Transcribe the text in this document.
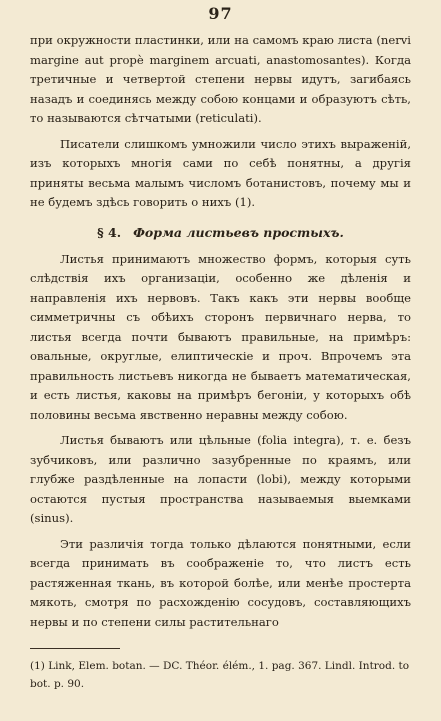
97

при окружности пластинки, или на самомъ краю листа (nervi margine aut propè marginem arcuati, anastomosantes). Когда третичные и четвертой степени нервы идутъ, загибаясь назадъ и соединясь между собою концами и образуютъ сѣть, то называются сѣтчатыми (reticulati).

Писатели слишкомъ умножили число этихъ выраженій, изъ которыхъ многія сами по себѣ понятны, а другія приняты весьма малымъ числомъ ботанистовъ, почему мы и не будемъ здѣсь говорить о нихъ (1).

§ 4. Форма листьевъ простыхъ.

Листья принимаютъ множество формъ, которыя суть слѣдствія ихъ организаціи, особенно же дѣленія и направленія ихъ нервовъ. Такъ какъ эти нервы вообще симметричны съ обѣихъ сторонъ первичнаго нерва, то листья всегда почти бываютъ правильные, на примѣръ: овальные, округлые, елиптическіе и проч. Впрочемъ эта правильность листьевъ никогда не бываетъ математическая, и есть листья, каковы на примѣръ бегоніи, у которыхъ обѣ половины весьма явственно неравны между собою.

Листья бываютъ или цѣльные (folia integra), т. е. безъ зубчиковъ, или различно зазубренные по краямъ, или глубже раздѣленные на лопасти (lobi), между которыми остаются пустыя пространства называемыя выемками (sinus).

Эти различія тогда только дѣлаются понятными, если всегда принимать въ соображеніе то, что листъ есть растяженная ткань, въ которой болѣе, или менѣе простерта мякоть, смотря по расхожденію сосудовъ, составляющихъ нервы и по степени силы растительнаго

(1) Link, Elem. botan. — DC. Théor. élém., 1. pag. 367. Lindl. Introd. to bot. p. 90.
